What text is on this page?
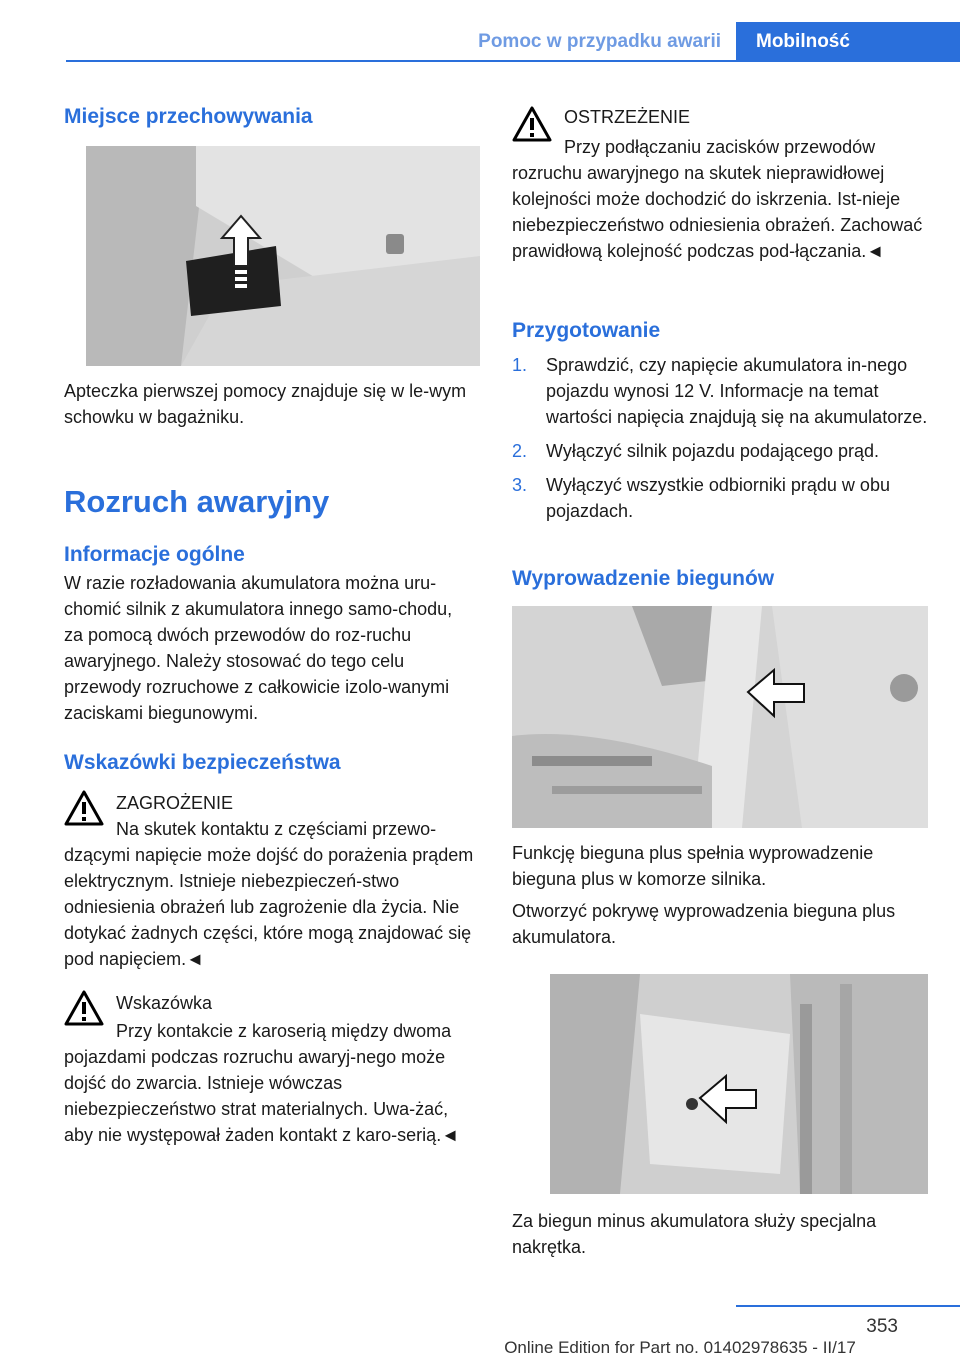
Pomoc w przypadku awarii	Mobilność
Miejsce przechowywania
Apteczka pierwszej pomocy znajduje się w le-wym schowku w bagażniku.
Rozruch awaryjny
Informacje ogólne
W razie rozładowania akumulatora można uru-chomić silnik z akumulatora innego samo-chodu, za pomocą dwóch przewodów do roz-ruchu awaryjnego. Należy stosować do tego celu przewody rozruchowe z całkowicie izolo-wanymi zaciskami biegunowymi.
Wskazówki bezpieczeństwa
ZAGROŻENIE
Na skutek kontaktu z częściami przewo-dzącymi napięcie może dojść do porażenia prądem elektrycznym. Istnieje niebezpieczeń-stwo odniesienia obrażeń lub zagrożenie dla życia. Nie dotykać żadnych części, które mogą znajdować się pod napięciem.◄
Wskazówka
Przy kontakcie z karoserią między dwoma pojazdami podczas rozruchu awaryj-nego może dojść do zwarcia. Istnieje wówczas niebezpieczeństwo strat materialnych. Uwa-żać, aby nie występował żaden kontakt z karo-serią.◄
OSTRZEŻENIE
Przy podłączaniu zacisków przewodów rozruchu awaryjnego na skutek nieprawidłowej kolejności może dochodzić do iskrzenia. Ist-nieje niebezpieczeństwo odniesienia obrażeń. Zachować prawidłową kolejność podczas pod-łączania.◄
Przygotowanie
1. Sprawdzić, czy napięcie akumulatora in-nego pojazdu wynosi 12 V. Informacje na temat wartości napięcia znajdują się na akumulatorze.
2. Wyłączyć silnik pojazdu podającego prąd.
3. Wyłączyć wszystkie odbiorniki prądu w obu pojazdach.
Wyprowadzenie biegunów
Funkcję bieguna plus spełnia wyprowadzenie bieguna plus w komorze silnika.
Otworzyć pokrywę wyprowadzenia bieguna plus akumulatora.
Za biegun minus akumulatora służy specjalna nakrętka.
353
Online Edition for Part no. 01402978635 - II/17
